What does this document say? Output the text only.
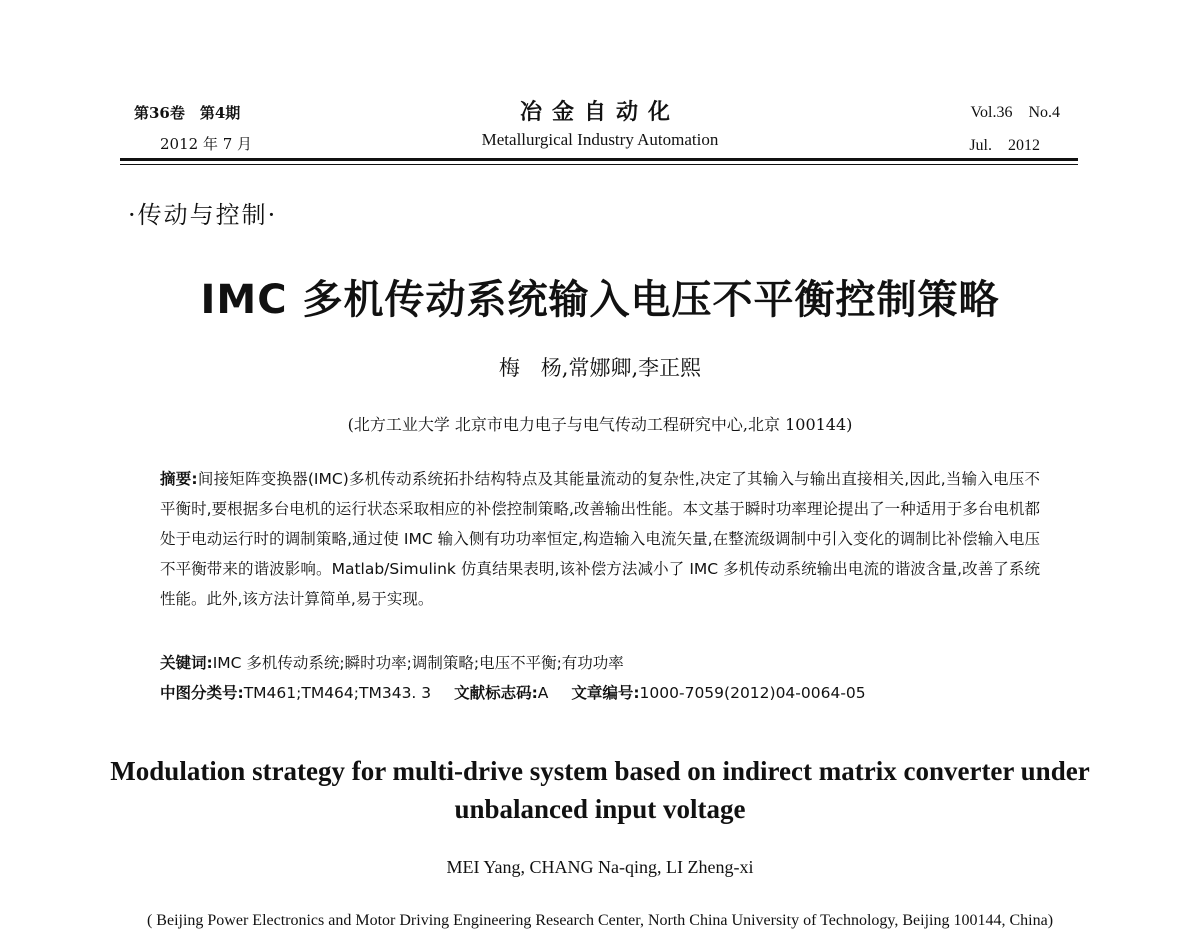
第36卷　第4期
2012 年 7 月
冶金自动化
Metallurgical Industry Automation
Vol.36　No.4
Jul.　2012
·传动与控制·
IMC 多机传动系统输入电压不平衡控制策略
梅　杨,常娜卿,李正熙
(北方工业大学 北京市电力电子与电气传动工程研究中心,北京 100144)
摘要:间接矩阵变换器(IMC)多机传动系统拓扑结构特点及其能量流动的复杂性,决定了其输入与输出直接相关,因此,当输入电压不平衡时,要根据多台电机的运行状态采取相应的补偿控制策略,改善输出性能。本文基于瞬时功率理论提出了一种适用于多台电机都处于电动运行时的调制策略,通过使 IMC 输入侧有功功率恒定,构造输入电流矢量,在整流级调制中引入变化的调制比补偿输入电压不平衡带来的谐波影响。Matlab/Simulink 仿真结果表明,该补偿方法减小了 IMC 多机传动系统输出电流的谐波含量,改善了系统性能。此外,该方法计算简单,易于实现。
关键词:IMC 多机传动系统;瞬时功率;调制策略;电压不平衡;有功功率
中图分类号:TM461;TM464;TM343. 3 文献标志码:A 文章编号:1000-7059(2012)04-0064-05
Modulation strategy for multi-drive system based on indirect matrix converter under unbalanced input voltage
MEI Yang, CHANG Na-qing, LI Zheng-xi
( Beijing Power Electronics and Motor Driving Engineering Research Center, North China University of Technology, Beijing 100144, China)
